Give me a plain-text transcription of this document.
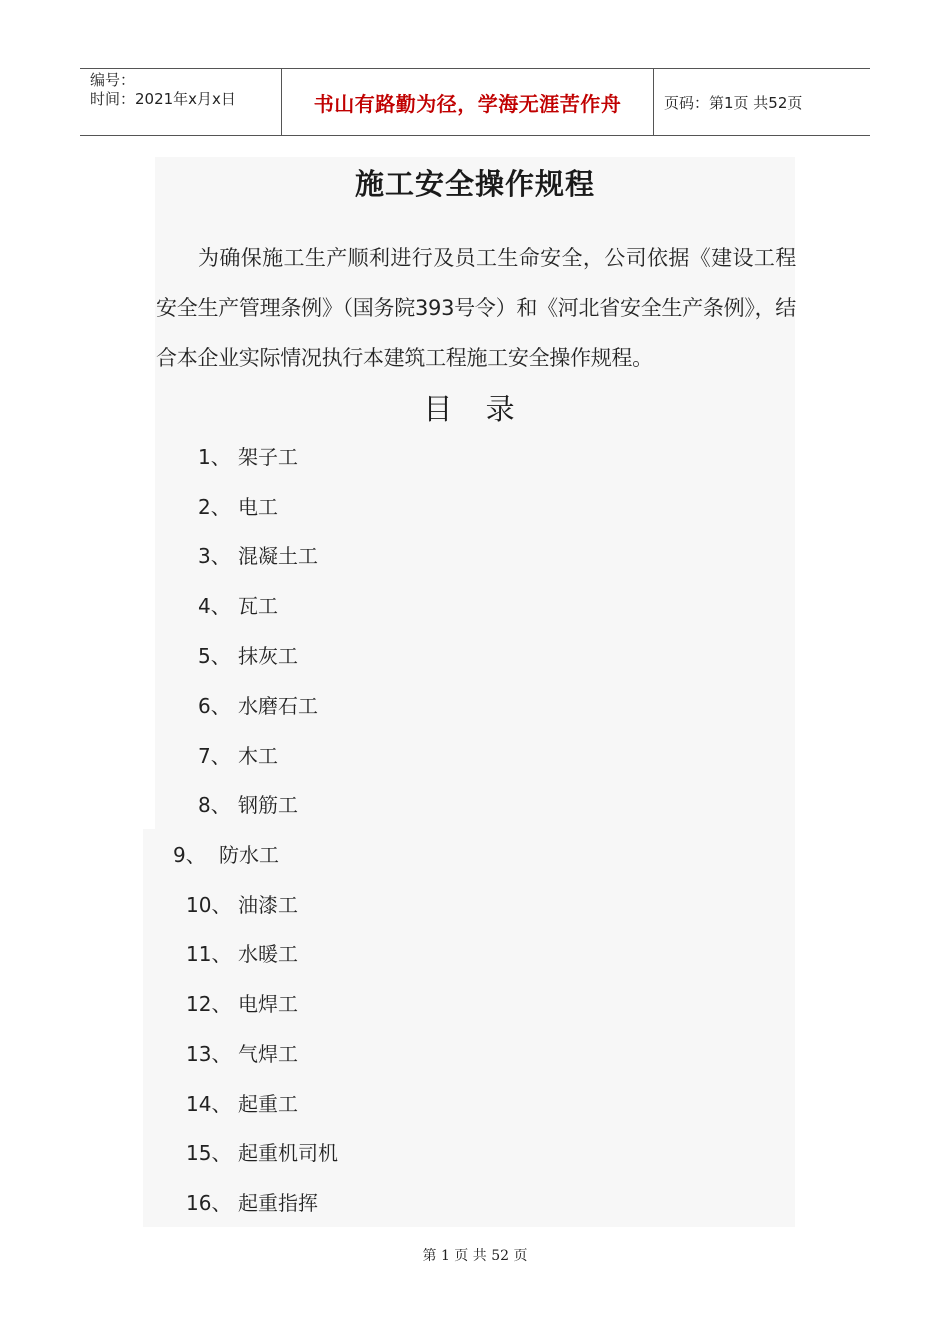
编号：
时间：2021年x月x日	书山有路勤为径，学海无涯苦作舟	页码：第1页 共52页
施工安全操作规程
为确保施工生产顺利进行及员工生命安全，公司依据《建设工程安全生产管理条例》（国务院393号令）和《河北省安全生产条例》，结合本企业实际情况执行本建筑工程施工安全操作规程。
目 录
1、 架子工
2、 电工
3、 混凝土工
4、 瓦工
5、 抹灰工
6、 水磨石工
7、 木工
8、 钢筋工
9、 防水工
10、 油漆工
11、 水暖工
12、 电焊工
13、 气焊工
14、 起重工
15、 起重机司机
16、 起重指挥
第 1 页 共 52 页
